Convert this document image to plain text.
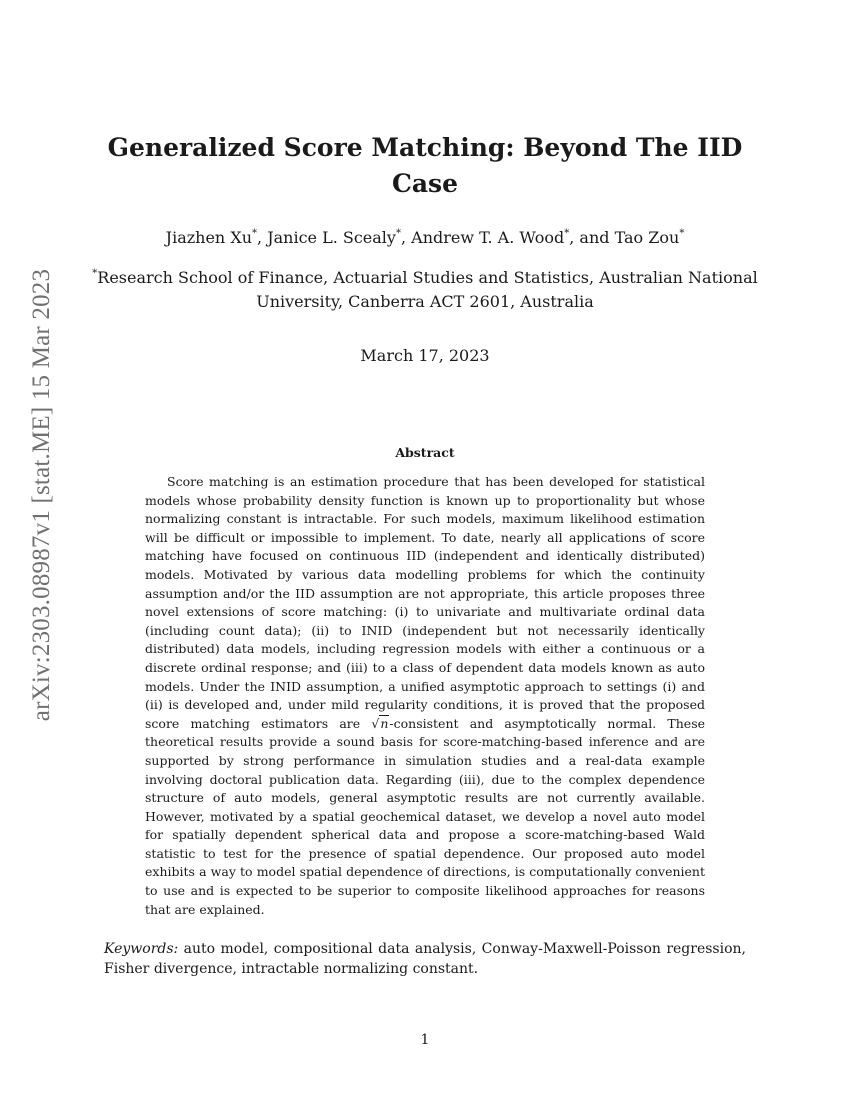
arXiv:2303.08987v1 [stat.ME] 15 Mar 2023
Generalized Score Matching: Beyond The IID Case
Jiazhen Xu*, Janice L. Scealy*, Andrew T. A. Wood*, and Tao Zou*
*Research School of Finance, Actuarial Studies and Statistics, Australian National University, Canberra ACT 2601, Australia
March 17, 2023
Abstract

Score matching is an estimation procedure that has been developed for statistical models whose probability density function is known up to proportionality but whose normalizing constant is intractable. For such models, maximum likelihood estimation will be difficult or impossible to implement. To date, nearly all applications of score matching have focused on continuous IID (independent and identically distributed) models. Motivated by various data modelling problems for which the continuity assumption and/or the IID assumption are not appropriate, this article proposes three novel extensions of score matching: (i) to univariate and multivariate ordinal data (including count data); (ii) to INID (independent but not necessarily identically distributed) data models, including regression models with either a continuous or a discrete ordinal response; and (iii) to a class of dependent data models known as auto models. Under the INID assumption, a unified asymptotic approach to settings (i) and (ii) is developed and, under mild regularity conditions, it is proved that the proposed score matching estimators are √n-consistent and asymptotically normal. These theoretical results provide a sound basis for score-matching-based inference and are supported by strong performance in simulation studies and a real-data example involving doctoral publication data. Regarding (iii), due to the complex dependence structure of auto models, general asymptotic results are not currently available. However, motivated by a spatial geochemical dataset, we develop a novel auto model for spatially dependent spherical data and propose a score-matching-based Wald statistic to test for the presence of spatial dependence. Our proposed auto model exhibits a way to model spatial dependence of directions, is computationally convenient to use and is expected to be superior to composite likelihood approaches for reasons that are explained.

Keywords: auto model, compositional data analysis, Conway-Maxwell-Poisson regression, Fisher divergence, intractable normalizing constant.

1
